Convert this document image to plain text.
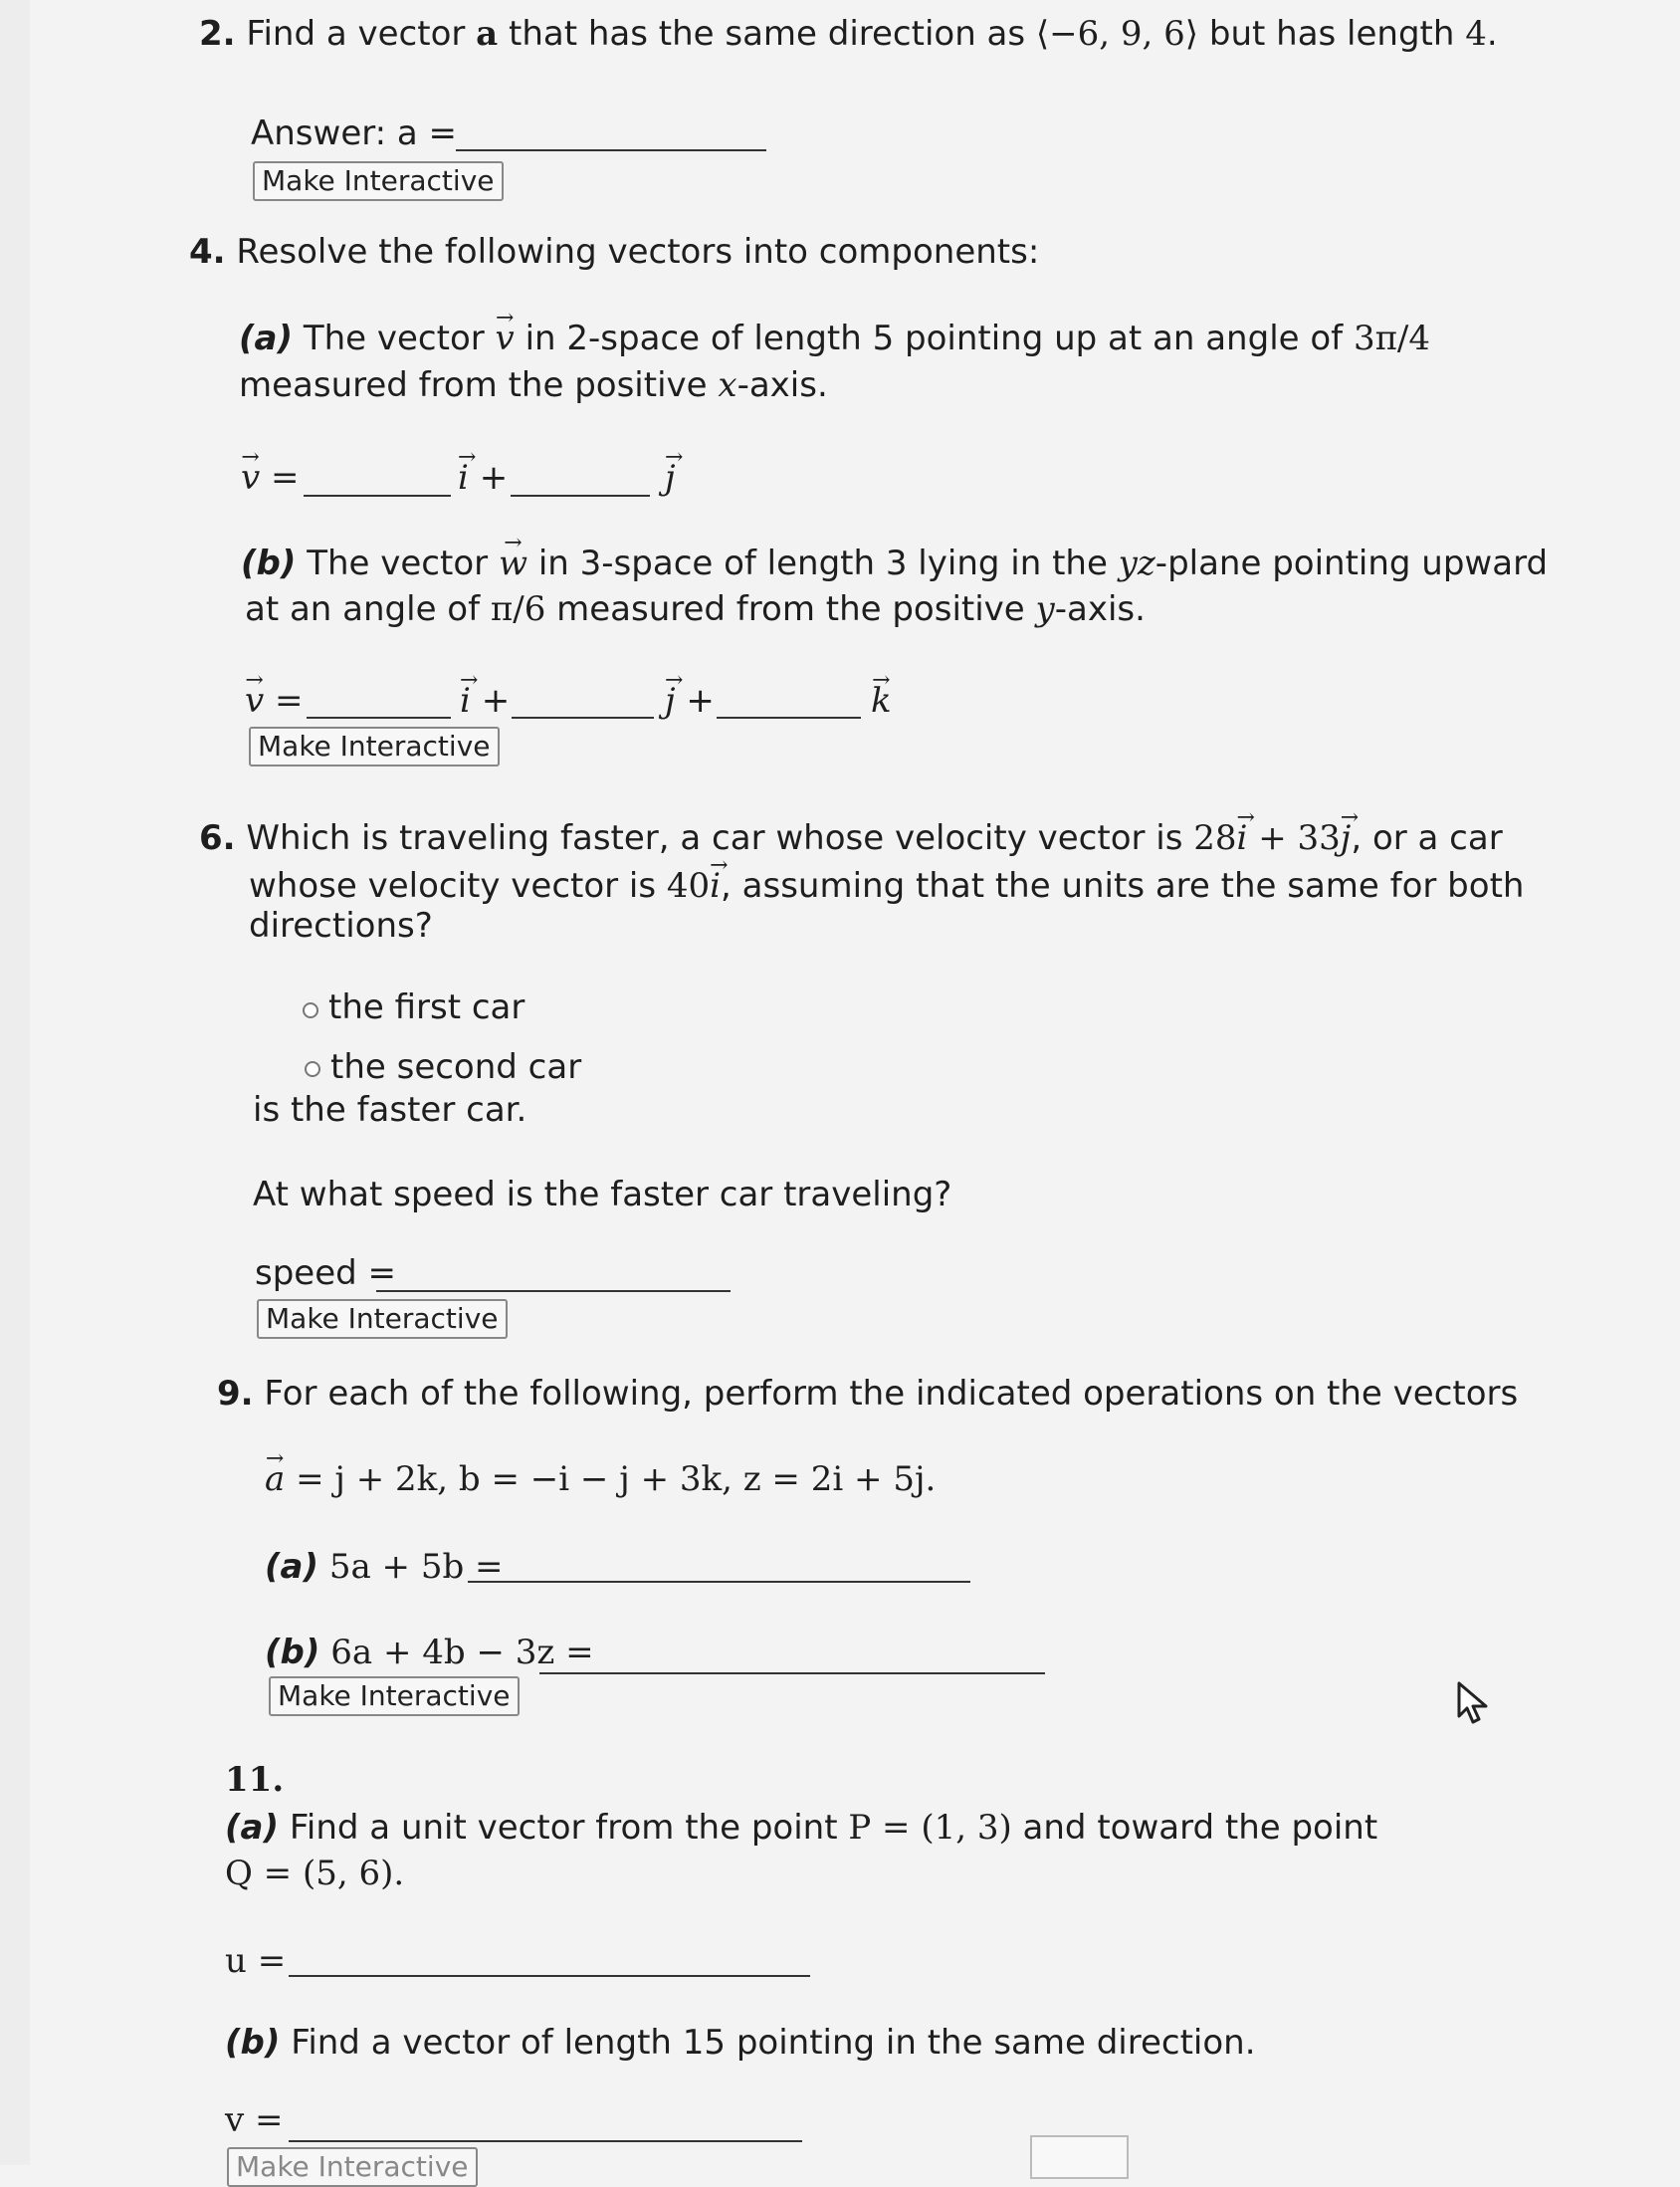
2. Find a vector a that has the same direction as ⟨−6, 9, 6⟩ but has length 4.
Answer: a =
Make Interactive
4. Resolve the following vectors into components:
(a) The vector → v in 2-space of length 5 pointing up at an angle of 3π/4
measured from the positive x-axis.
→ v =	→ i +	→ j
(b) The vector → w in 3-space of length 3 lying in the yz-plane pointing upward
at an angle of π/6 measured from the positive y-axis.
→ v =	→ i +	→ j +	→ k
Make Interactive
6. Which is traveling faster, a car whose velocity vector is 28→ i + 33→ j, or a car
whose velocity vector is 40→ i, assuming that the units are the same for both
directions?
the first car
the second car
is the faster car.
At what speed is the faster car traveling?
speed =
Make Interactive
9. For each of the following, perform the indicated operations on the vectors
→ a = j + 2k, b = −i − j + 3k, z = 2i + 5j.
(a) 5a + 5b =
(b) 6a + 4b − 3z =
Make Interactive
11.
(a) Find a unit vector from the point P = (1, 3) and toward the point
Q = (5, 6).
u =
(b) Find a vector of length 15 pointing in the same direction.
v =
Make Interactive
